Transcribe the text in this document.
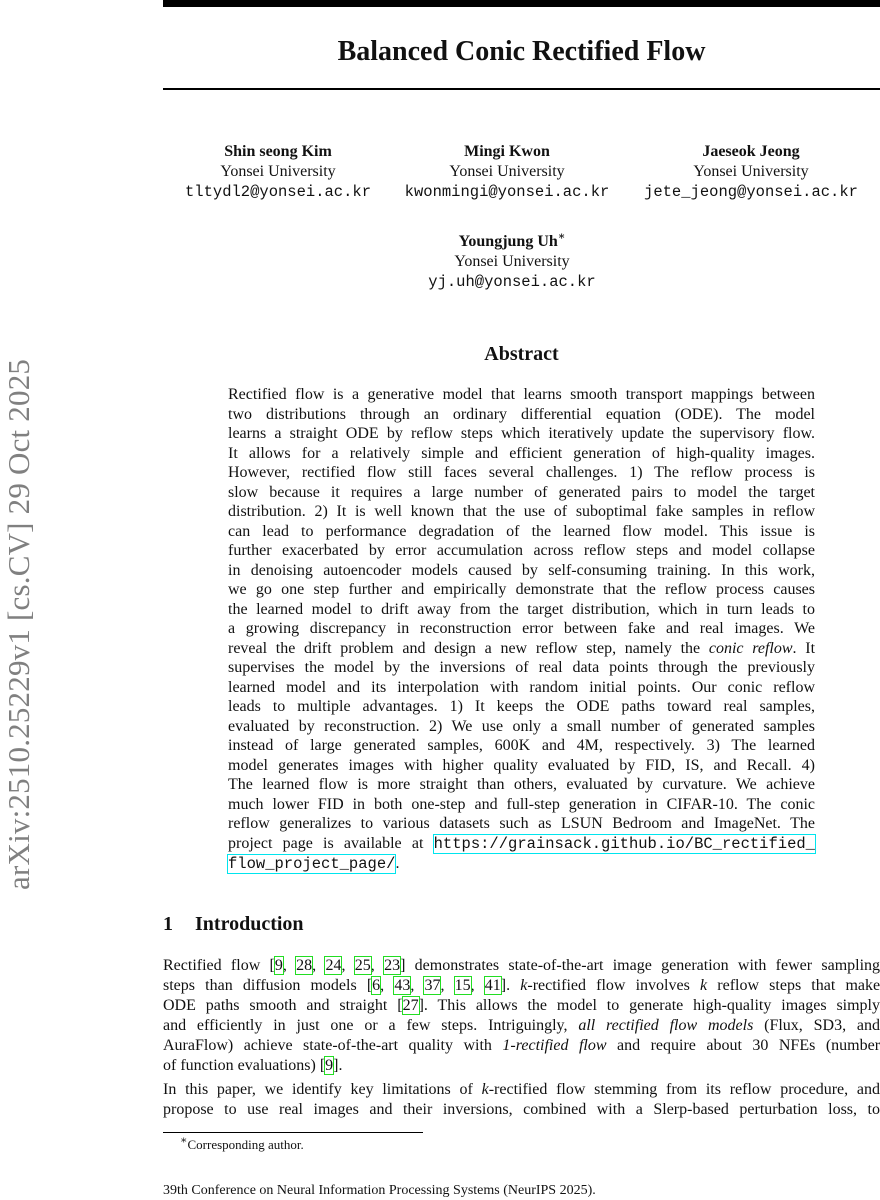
arXiv:2510.25229v1 [cs.CV] 29 Oct 2025
Balanced Conic Rectified Flow
Shin seong Kim
Yonsei University
tltydl2@yonsei.ac.kr
Mingi Kwon
Yonsei University
kwonmingi@yonsei.ac.kr
Jaeseok Jeong
Yonsei University
jete_jeong@yonsei.ac.kr
Youngjung Uh∗
Yonsei University
yj.uh@yonsei.ac.kr
Abstract
Rectified flow is a generative model that learns smooth transport mappings between
two distributions through an ordinary differential equation (ODE). The model
learns a straight ODE by reflow steps which iteratively update the supervisory flow.
It allows for a relatively simple and efficient generation of high-quality images.
However, rectified flow still faces several challenges. 1) The reflow process is
slow because it requires a large number of generated pairs to model the target
distribution. 2) It is well known that the use of suboptimal fake samples in reflow
can lead to performance degradation of the learned flow model. This issue is
further exacerbated by error accumulation across reflow steps and model collapse
in denoising autoencoder models caused by self-consuming training. In this work,
we go one step further and empirically demonstrate that the reflow process causes
the learned model to drift away from the target distribution, which in turn leads to
a growing discrepancy in reconstruction error between fake and real images. We
reveal the drift problem and design a new reflow step, namely the conic reflow. It
supervises the model by the inversions of real data points through the previously
learned model and its interpolation with random initial points. Our conic reflow
leads to multiple advantages. 1) It keeps the ODE paths toward real samples,
evaluated by reconstruction. 2) We use only a small number of generated samples
instead of large generated samples, 600K and 4M, respectively. 3) The learned
model generates images with higher quality evaluated by FID, IS, and Recall. 4)
The learned flow is more straight than others, evaluated by curvature. We achieve
much lower FID in both one-step and full-step generation in CIFAR-10. The conic
reflow generalizes to various datasets such as LSUN Bedroom and ImageNet. The
project page is available at https://grainsack.github.io/BC_rectified_
flow_project_page/.
1 Introduction
Rectified flow [9, 28, 24, 25, 23] demonstrates state-of-the-art image generation with fewer sampling
steps than diffusion models [6, 43, 37, 15, 41]. k-rectified flow involves k reflow steps that make
ODE paths smooth and straight [27]. This allows the model to generate high-quality images simply
and efficiently in just one or a few steps. Intriguingly, all rectified flow models (Flux, SD3, and
AuraFlow) achieve state-of-the-art quality with 1-rectified flow and require about 30 NFEs (number
of function evaluations) [9].
In this paper, we identify key limitations of k-rectified flow stemming from its reflow procedure, and
propose to use real images and their inversions, combined with a Slerp-based perturbation loss, to
∗Corresponding author.
39th Conference on Neural Information Processing Systems (NeurIPS 2025).
